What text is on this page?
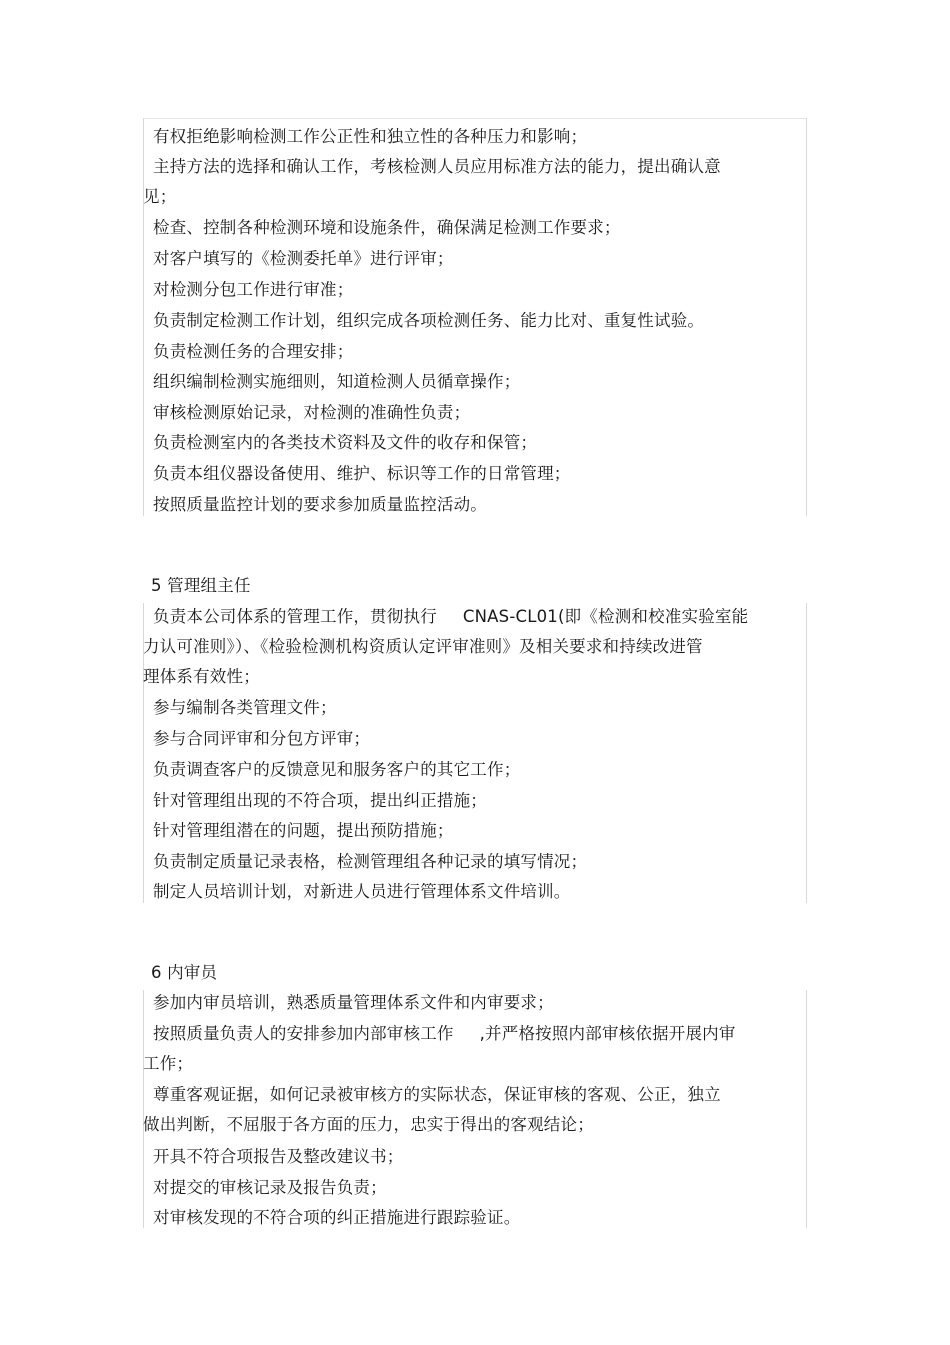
有权拒绝影响检测工作公正性和独立性的各种压力和影响；
主持方法的选择和确认工作，考核检测人员应用标准方法的能力，提出确认意
见；
检查、控制各种检测环境和设施条件，确保满足检测工作要求；
对客户填写的《检测委托单》进行评审；
对检测分包工作进行审准；
负责制定检测工作计划，组织完成各项检测任务、能力比对、重复性试验。
负责检测任务的合理安排；
组织编制检测实施细则，知道检测人员循章操作；
审核检测原始记录，对检测的准确性负责；
负责检测室内的各类技术资料及文件的收存和保管；
负责本组仪器设备使用、维护、标识等工作的日常管理；
按照质量监控计划的要求参加质量监控活动。
5 管理组主任
负责本公司体系的管理工作，贯彻执行 CNAS-CL01(即《检测和校准实验室能
力认可准则》）、《检验检测机构资质认定评审准则》及相关要求和持续改进管
理体系有效性；
参与编制各类管理文件；
参与合同评审和分包方评审；
负责调查客户的反馈意见和服务客户的其它工作；
针对管理组出现的不符合项，提出纠正措施；
针对管理组潜在的问题，提出预防措施；
负责制定质量记录表格，检测管理组各种记录的填写情况；
制定人员培训计划，对新进人员进行管理体系文件培训。
6 内审员
参加内审员培训，熟悉质量管理体系文件和内审要求；
按照质量负责人的安排参加内部审核工作 ,并严格按照内部审核依据开展内审
工作；
尊重客观证据，如何记录被审核方的实际状态，保证审核的客观、公正，独立
做出判断，不屈服于各方面的压力，忠实于得出的客观结论；
开具不符合项报告及整改建议书；
对提交的审核记录及报告负责；
对审核发现的不符合项的纠正措施进行跟踪验证。
